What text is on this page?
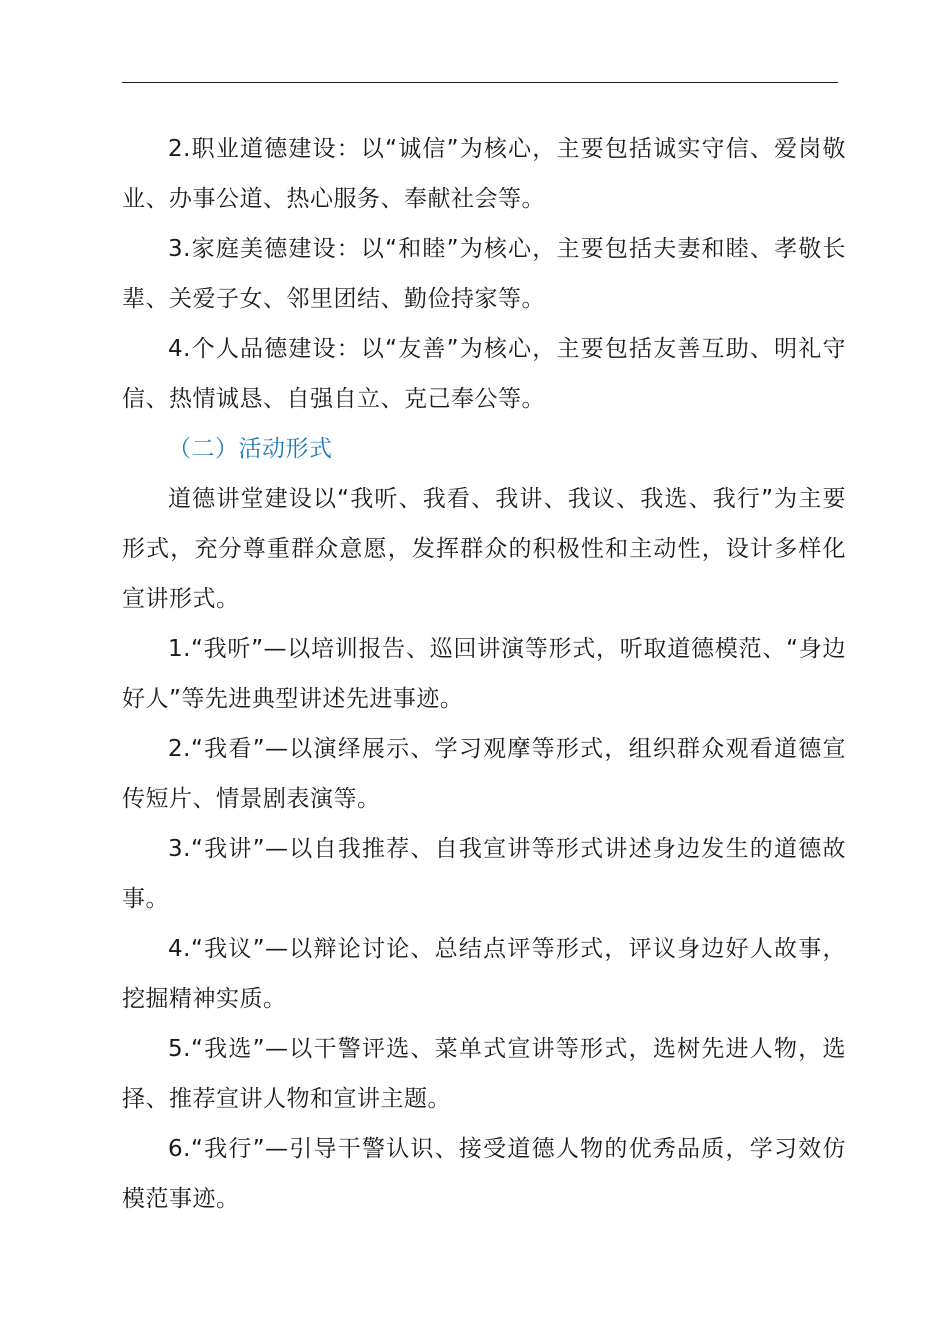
2.职业道德建设：以“诚信”为核心，主要包括诚实守信、爱岗敬业、办事公道、热心服务、奉献社会等。

3.家庭美德建设：以“和睦”为核心，主要包括夫妻和睦、孝敬长辈、关爱子女、邻里团结、勤俭持家等。

4.个人品德建设：以“友善”为核心，主要包括友善互助、明礼守信、热情诚恳、自强自立、克己奉公等。

（二）活动形式

道德讲堂建设以“我听、我看、我讲、我议、我选、我行”为主要形式，充分尊重群众意愿，发挥群众的积极性和主动性，设计多样化宣讲形式。

1.“我听”—以培训报告、巡回讲演等形式，听取道德模范、“身边好人”等先进典型讲述先进事迹。

2.“我看”—以演绎展示、学习观摩等形式，组织群众观看道德宣传短片、情景剧表演等。

3.“我讲”—以自我推荐、自我宣讲等形式讲述身边发生的道德故事。

4.“我议”—以辩论讨论、总结点评等形式，评议身边好人故事，挖掘精神实质。

5.“我选”—以干警评选、菜单式宣讲等形式，选树先进人物，选择、推荐宣讲人物和宣讲主题。

6.“我行”—引导干警认识、接受道德人物的优秀品质，学习效仿模范事迹。
